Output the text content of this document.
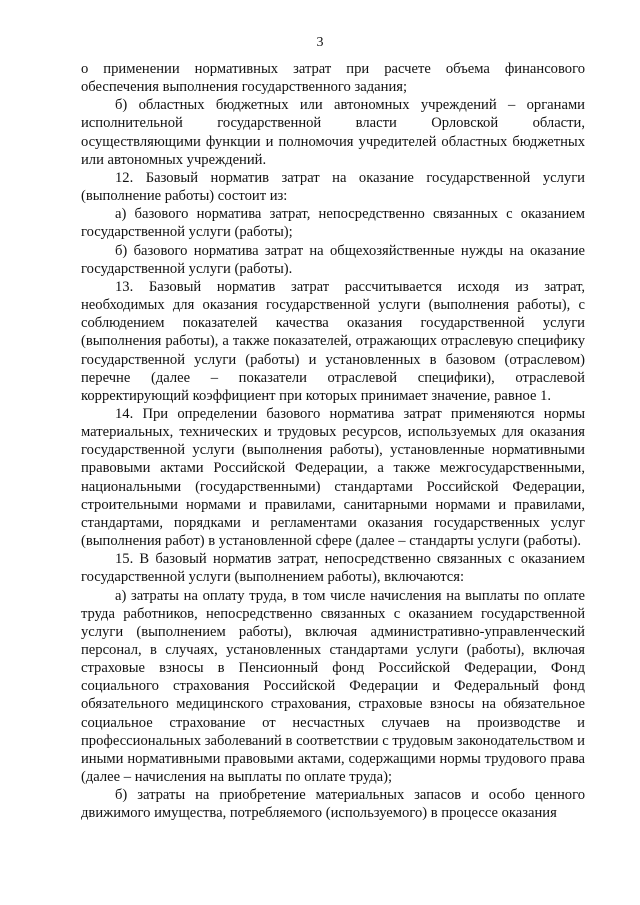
3

о применении нормативных затрат при расчете объема финансового обеспечения выполнения государственного задания;

б) областных бюджетных или автономных учреждений – органами исполнительной государственной власти Орловской области, осуществляющими функции и полномочия учредителей областных бюджетных или автономных учреждений.

12. Базовый норматив затрат на оказание государственной услуги (выполнение работы) состоит из:

а) базового норматива затрат, непосредственно связанных с оказанием государственной услуги (работы);

б) базового норматива затрат на общехозяйственные нужды на оказание государственной услуги (работы).

13. Базовый норматив затрат рассчитывается исходя из затрат, необходимых для оказания государственной услуги (выполнения работы), с соблюдением показателей качества оказания государственной услуги (выполнения работы), а также показателей, отражающих отраслевую специфику государственной услуги (работы) и установленных в базовом (отраслевом) перечне (далее – показатели отраслевой специфики), отраслевой корректирующий коэффициент при которых принимает значение, равное 1.

14. При определении базового норматива затрат применяются нормы материальных, технических и трудовых ресурсов, используемых для оказания государственной услуги (выполнения работы), установленные нормативными правовыми актами Российской Федерации, а также межгосударственными, национальными (государственными) стандартами Российской Федерации, строительными нормами и правилами, санитарными нормами и правилами, стандартами, порядками и регламентами оказания государственных услуг (выполнения работ) в установленной сфере (далее – стандарты услуги (работы).

15. В базовый норматив затрат, непосредственно связанных с оказанием государственной услуги (выполнением работы), включаются:

а) затраты на оплату труда, в том числе начисления на выплаты по оплате труда работников, непосредственно связанных с оказанием государственной услуги (выполнением работы), включая административно-управленческий персонал, в случаях, установленных стандартами услуги (работы), включая страховые взносы в Пенсионный фонд Российской Федерации, Фонд социального страхования Российской Федерации и Федеральный фонд обязательного медицинского страхования, страховые взносы на обязательное социальное страхование от несчастных случаев на производстве и профессиональных заболеваний в соответствии с трудовым законодательством и иными нормативными правовыми актами, содержащими нормы трудового права (далее – начисления на выплаты по оплате труда);

б) затраты на приобретение материальных запасов и особо ценного движимого имущества, потребляемого (используемого) в процессе оказания
